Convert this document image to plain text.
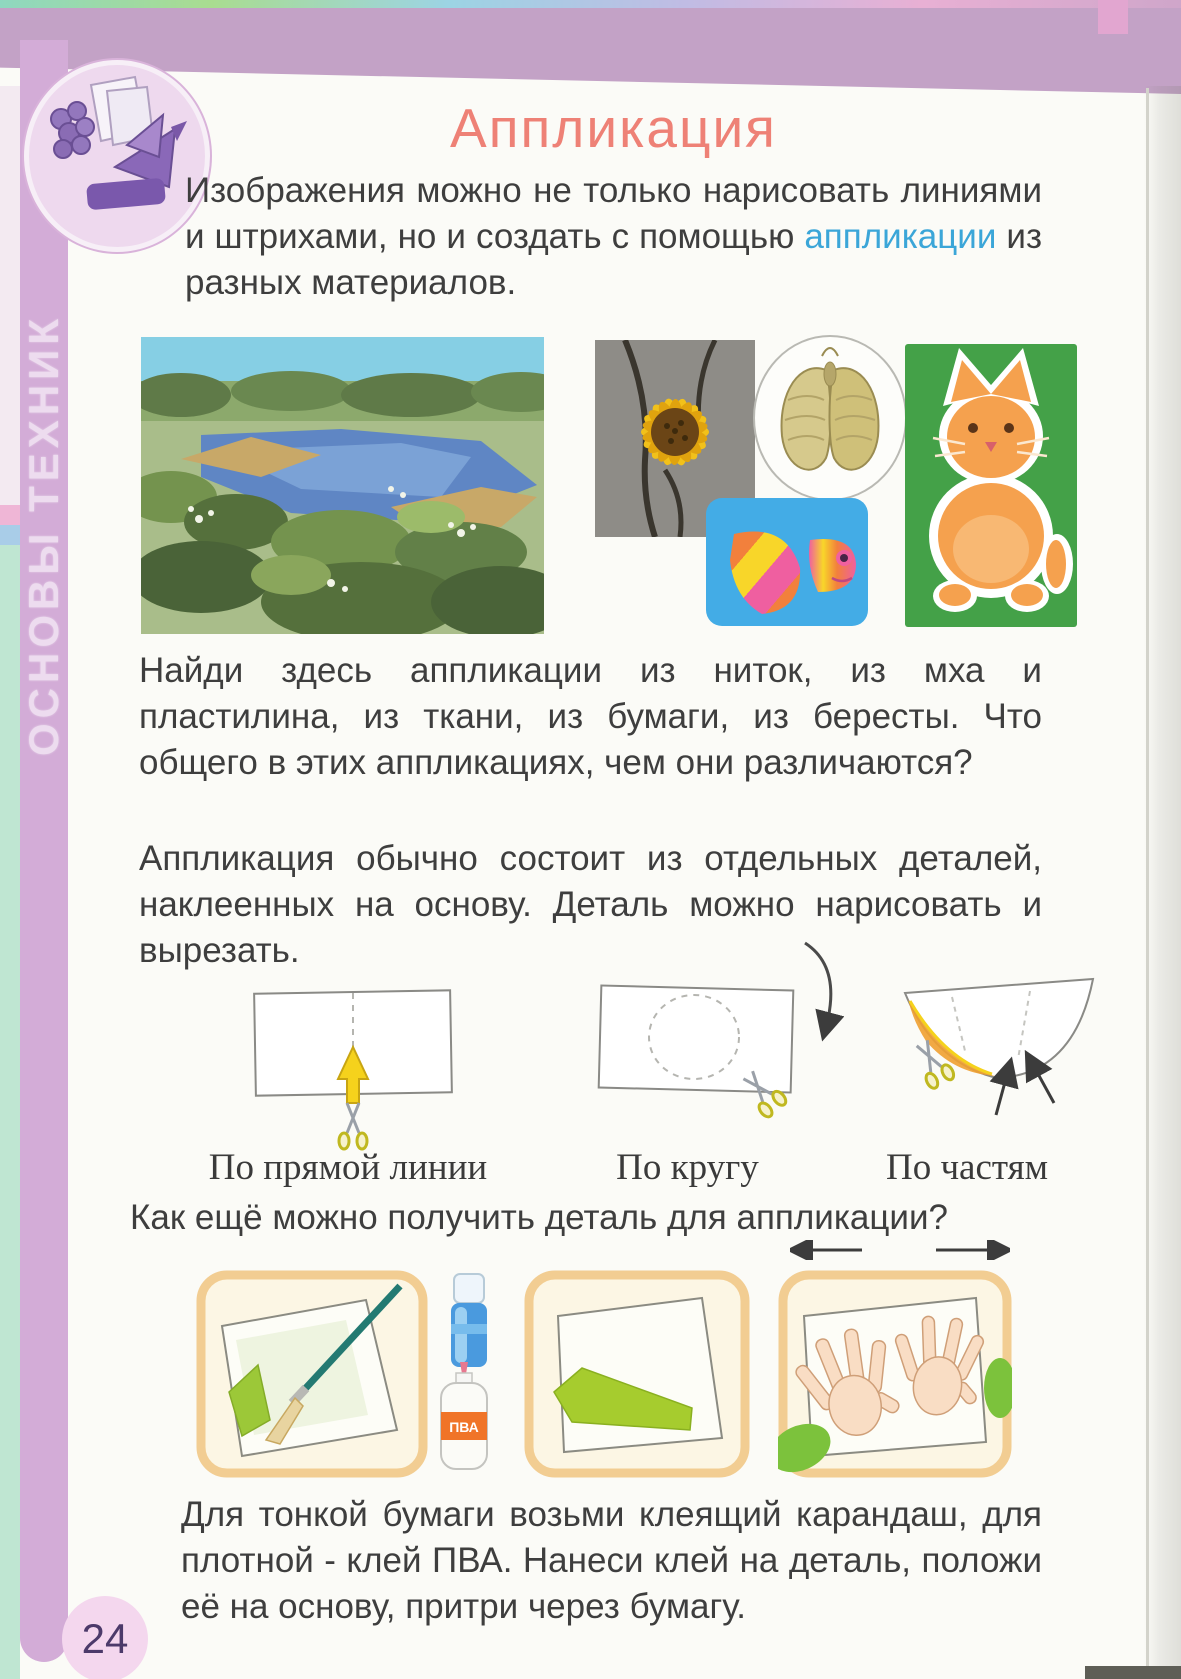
ОСНОВЫ ТЕХНИК
24
Аппликация
Изображения можно не только нарисовать линиями и штрихами, но и создать с помощью аппликации из разных материалов.
Найди здесь аппликации из ниток, из мха и пластилина, из ткани, из бумаги, из бересты. Что общего в этих аппликациях, чем они различаются?
Аппликация обычно состоит из отдельных деталей, наклеенных на основу. Деталь можно нарисовать и вырезать.
По прямой линии	По кругу	По частям
Как ещё можно получить деталь для аппликации?
ПВА
Для тонкой бумаги возьми клеящий карандаш, для плотной - клей ПВА. Нанеси клей на деталь, положи её на основу, притри через бумагу.
